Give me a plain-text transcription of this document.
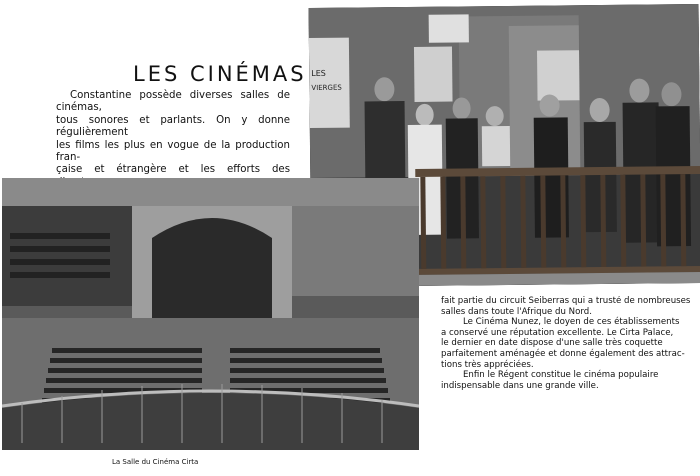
LES CINÉMAS

Constantine possède diverses salles de cinémas,

tous sonores et parlants. On y donne régulièrement

les films les plus en vogue de la production fran-

çaise et étrangère et les efforts des

LES
VIERGES

La Salle du Cinéma Cirta

fait partie du circuit Seiberras qui a trusté de nombreuses

salles dans toute l'Afrique du Nord.

Le Cinéma Nunez, le doyen de ces établissements

a conservé une réputation excellente. Le Cirta Palace,

le dernier en date dispose d'une salle très coquette

parfaitement aménagée et donne également des attrac-

tions très appréciées.

Enfin le Régent constitue le cinéma populaire

indispensable dans une grande ville.
